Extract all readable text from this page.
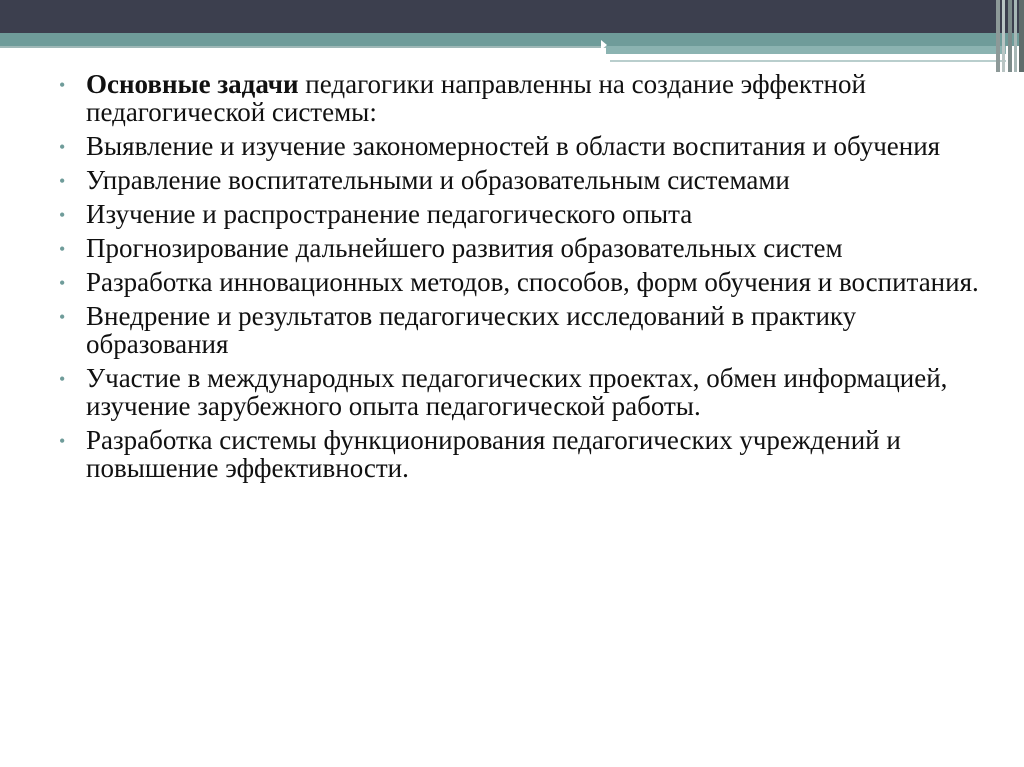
• Основные задачи педагогики направленны на создание эффектной педагогической системы:
• Выявление и изучение закономерностей в области воспитания и обучения
• Управление воспитательными и образовательным системами
• Изучение и распространение педагогического опыта
• Прогнозирование дальнейшего развития образовательных систем
• Разработка инновационных методов, способов, форм обучения и воспитания.
• Внедрение и результатов педагогических исследований в практику образования
• Участие в международных педагогических проектах, обмен информацией, изучение зарубежного опыта педагогической работы.
• Разработка системы функционирования педагогических учреждений и повышение эффективности.
